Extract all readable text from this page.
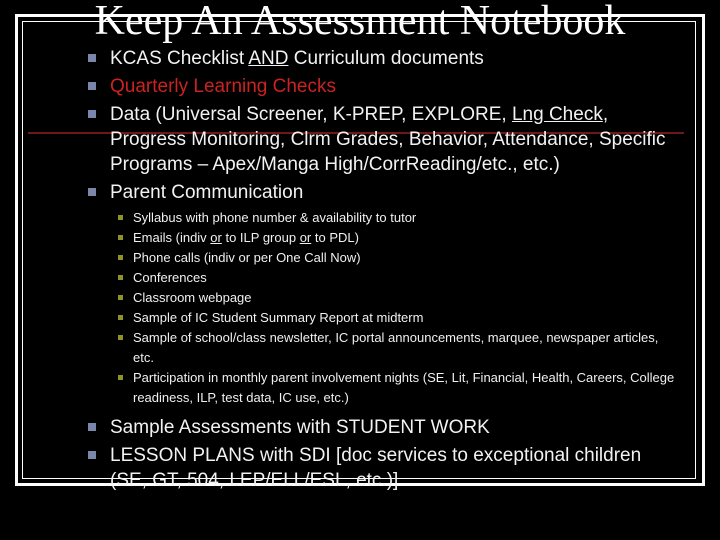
Keep An Assessment Notebook
KCAS Checklist AND Curriculum documents
Quarterly Learning Checks
Data (Universal Screener, K-PREP, EXPLORE, Lng Check, Progress Monitoring, Clrm Grades, Behavior, Attendance, Specific Programs – Apex/Manga High/CorrReading/etc., etc.)
Parent Communication
Syllabus with phone number & availability to tutor
Emails (indiv or to ILP group or to PDL)
Phone calls (indiv or per One Call Now)
Conferences
Classroom webpage
Sample of IC Student Summary Report at midterm
Sample of school/class newsletter, IC portal announcements, marquee, newspaper articles, etc.
Participation in monthly parent involvement nights (SE, Lit, Financial, Health, Careers, College readiness, ILP, test data, IC use, etc.)
Sample Assessments with STUDENT WORK
LESSON PLANS with SDI [doc services to exceptional children (SE, GT, 504, LEP/ELL/ESL, etc.)]
